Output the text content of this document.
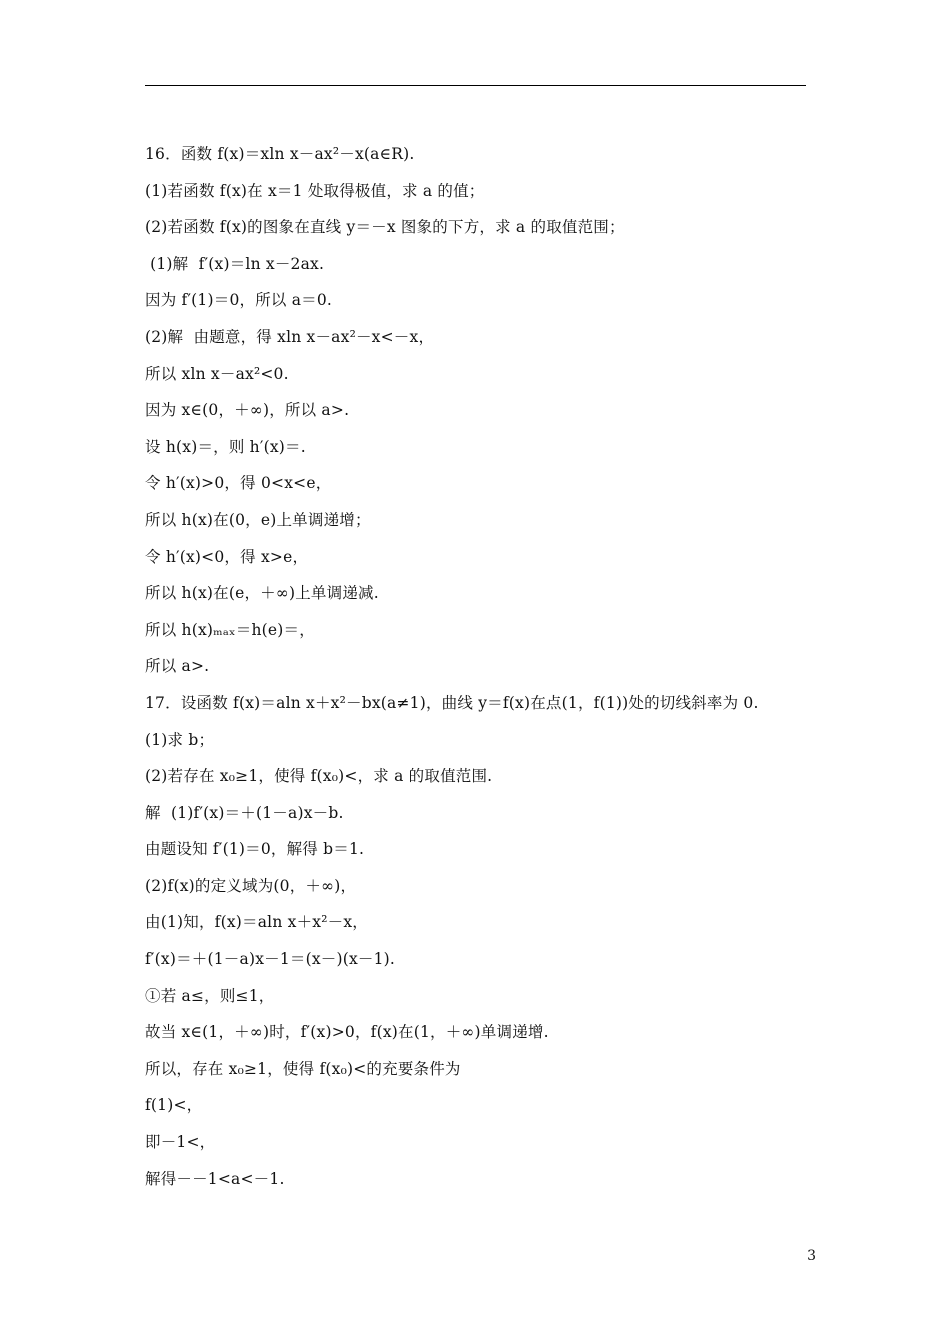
16．函数 f(x)＝xln x－ax²－x(a∈R).
(1)若函数 f(x)在 x＝1 处取得极值，求 a 的值；
(2)若函数 f(x)的图象在直线 y＝－x 图象的下方，求 a 的取值范围；
(1)解  f′(x)＝ln x－2ax.
因为 f′(1)＝0，所以 a＝0.
(2)解  由题意，得 xln x－ax²－x<－x，
所以 xln x－ax²<0.
因为 x∈(0，＋∞)，所以 a>.
设 h(x)＝，则 h′(x)＝.
令 h′(x)>0，得 0<x<e，
所以 h(x)在(0，e)上单调递增；
令 h′(x)<0，得 x>e，
所以 h(x)在(e，＋∞)上单调递减.
所以 h(x)ₘₐₓ＝h(e)＝，
所以 a>.
17．设函数 f(x)＝aln x＋x²－bx(a≠1)，曲线 y＝f(x)在点(1，f(1))处的切线斜率为 0.
(1)求 b；
(2)若存在 x₀≥1，使得 f(x₀)<，求 a 的取值范围.
解  (1)f′(x)＝＋(1－a)x－b.
由题设知 f′(1)＝0，解得 b＝1.
(2)f(x)的定义域为(0，＋∞)，
由(1)知，f(x)＝aln x＋x²－x，
f′(x)＝＋(1－a)x－1＝(x－)(x－1).
①若 a≤，则≤1，
故当 x∈(1，＋∞)时，f′(x)>0，f(x)在(1，＋∞)单调递增.
所以，存在 x₀≥1，使得 f(x₀)<的充要条件为
f(1)<，
即－1<，
解得－－1<a<－1.
3
